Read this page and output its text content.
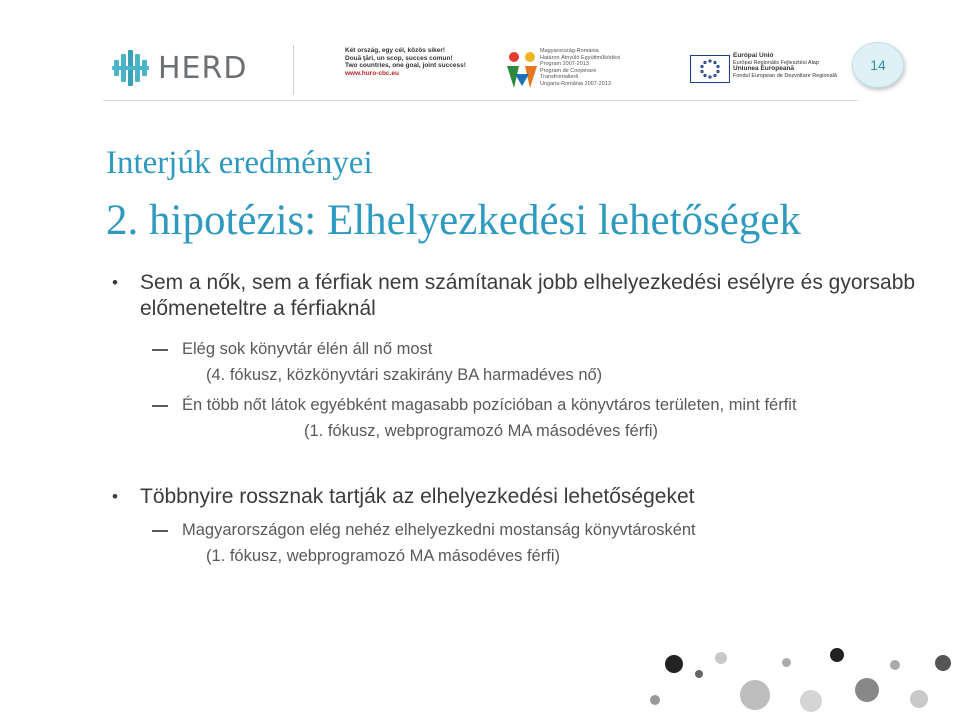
HERD	Két ország, egy cél, közös siker!
Două ţări, un scop, succes comun!
Two countries, one goal, joint success!
www.huro-cbc.eu
Magyarország-Románia
Határon Átnyúló Együttműködési
Program 2007-2013
Program de Cooperare
Transfrontalieră
Ungaria-România 2007-2013
Európai Unió
Európai Regionális Fejlesztési Alap
Uniunea Europeană
Fondul European de Dezvoltare Regională
14
Interjúk eredményei
2. hipotézis: Elhelyezkedési lehetőségek
• Sem a nők, sem a férfiak nem számítanak jobb elhelyezkedési esélyre és gyorsabb előmeneteltre a férfiaknál
Elég sok könyvtár élén áll nő most
(4. fókusz, közkönyvtári szakirány BA harmadéves nő)
Én több nőt látok egyébként magasabb pozícióban a könyvtáros területen, mint férfit
(1. fókusz, webprogramozó MA másodéves férfi)
• Többnyire rossznak tartják az elhelyezkedési lehetőségeket
Magyarországon elég nehéz elhelyezkedni mostanság könyvtárosként
(1. fókusz, webprogramozó MA másodéves férfi)
